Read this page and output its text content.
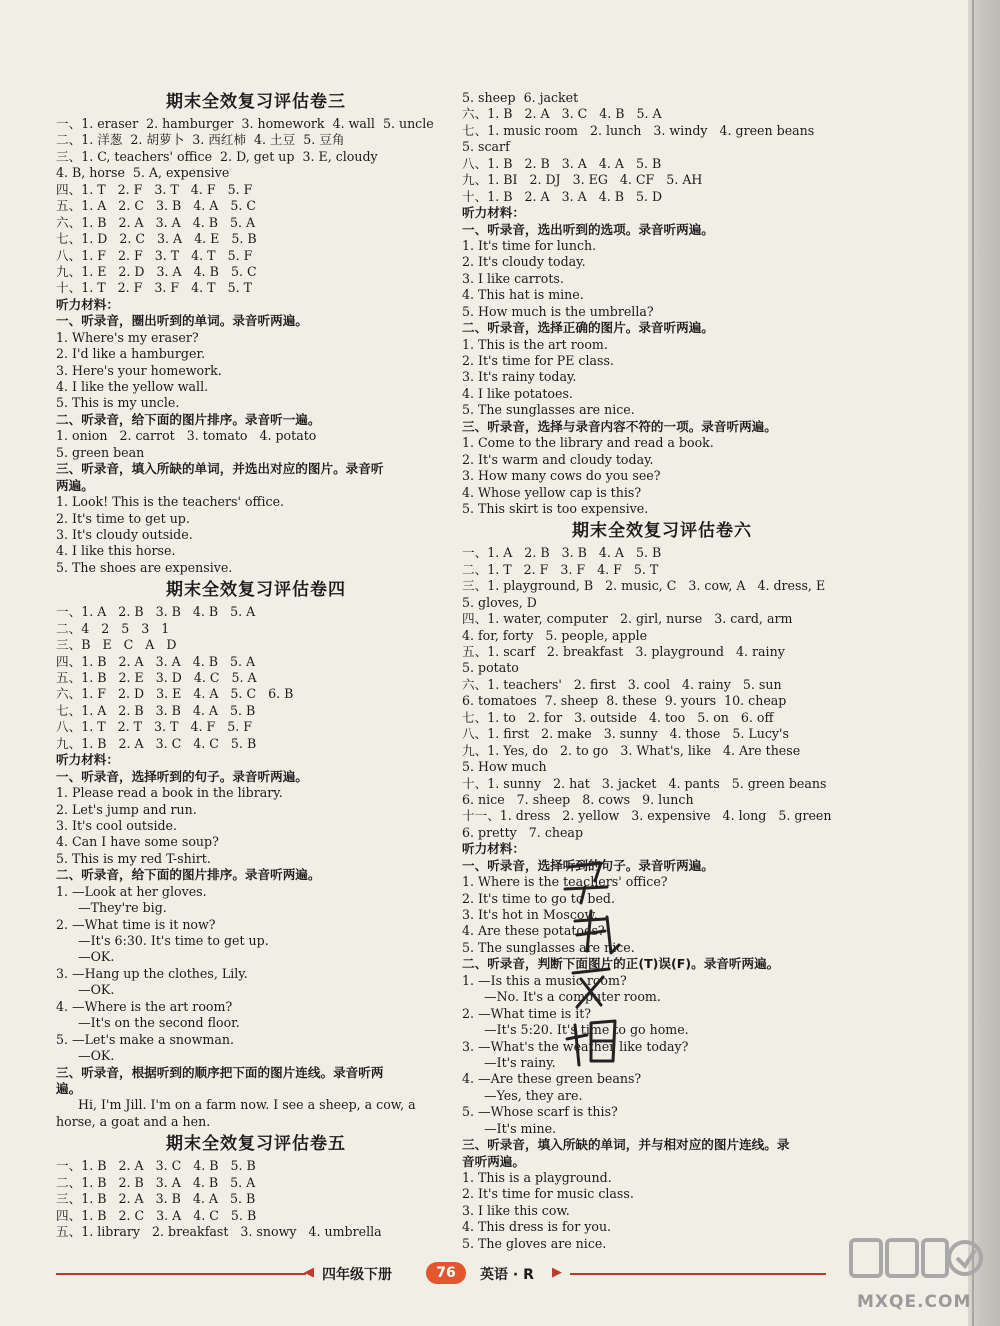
期末全效复习评估卷三
一、1. eraser  2. hamburger  3. homework  4. wall  5. uncle
二、1. 洋葱  2. 胡萝卜  3. 西红柿  4. 土豆  5. 豆角
三、1. C, teachers' office  2. D, get up  3. E, cloudy
4. B, horse  5. A, expensive
四、1. T   2. F   3. T   4. F   5. F
五、1. A   2. C   3. B   4. A   5. C
六、1. B   2. A   3. A   4. B   5. A
七、1. D   2. C   3. A   4. E   5. B
八、1. F   2. F   3. T   4. T   5. F
九、1. E   2. D   3. A   4. B   5. C
十、1. T   2. F   3. F   4. T   5. T
听力材料：
一、听录音，圈出听到的单词。录音听两遍。
1. Where's my eraser?
2. I'd like a hamburger.
3. Here's your homework.
4. I like the yellow wall.
5. This is my uncle.
二、听录音，给下面的图片排序。录音听一遍。
1. onion   2. carrot   3. tomato   4. potato
5. green bean
三、听录音，填入所缺的单词，并选出对应的图片。录音听
两遍。
1. Look! This is the teachers' office.
2. It's time to get up.
3. It's cloudy outside.
4. I like this horse.
5. The shoes are expensive.
期末全效复习评估卷四
一、1. A   2. B   3. B   4. B   5. A
二、4   2   5   3   1
三、B   E   C   A   D
四、1. B   2. A   3. A   4. B   5. A
五、1. B   2. E   3. D   4. C   5. A
六、1. F   2. D   3. E   4. A   5. C   6. B
七、1. A   2. B   3. B   4. A   5. B
八、1. T   2. T   3. T   4. F   5. F
九、1. B   2. A   3. C   4. C   5. B
听力材料：
一、听录音，选择听到的句子。录音听两遍。
1. Please read a book in the library.
2. Let's jump and run.
3. It's cool outside.
4. Can I have some soup?
5. This is my red T-shirt.
二、听录音，给下面的图片排序。录音听两遍。
1. —Look at her gloves.
—They're big.
2. —What time is it now?
—It's 6:30. It's time to get up.
—OK.
3. —Hang up the clothes, Lily.
—OK.
4. —Where is the art room?
—It's on the second floor.
5. —Let's make a snowman.
—OK.
三、听录音，根据听到的顺序把下面的图片连线。录音听两
遍。
Hi, I'm Jill. I'm on a farm now. I see a sheep, a cow, a
horse, a goat and a hen.
期末全效复习评估卷五
一、1. B   2. A   3. C   4. B   5. B
二、1. B   2. B   3. A   4. B   5. A
三、1. B   2. A   3. B   4. A   5. B
四、1. B   2. C   3. A   4. C   5. B
五、1. library   2. breakfast   3. snowy   4. umbrella
5. sheep  6. jacket
六、1. B   2. A   3. C   4. B   5. A
七、1. music room   2. lunch   3. windy   4. green beans
5. scarf
八、1. B   2. B   3. A   4. A   5. B
九、1. BI   2. DJ   3. EG   4. CF   5. AH
十、1. B   2. A   3. A   4. B   5. D
听力材料：
一、听录音，选出听到的选项。录音听两遍。
1. It's time for lunch.
2. It's cloudy today.
3. I like carrots.
4. This hat is mine.
5. How much is the umbrella?
二、听录音，选择正确的图片。录音听两遍。
1. This is the art room.
2. It's time for PE class.
3. It's rainy today.
4. I like potatoes.
5. The sunglasses are nice.
三、听录音，选择与录音内容不符的一项。录音听两遍。
1. Come to the library and read a book.
2. It's warm and cloudy today.
3. How many cows do you see?
4. Whose yellow cap is this?
5. This skirt is too expensive.
期末全效复习评估卷六
一、1. A   2. B   3. B   4. A   5. B
二、1. T   2. F   3. F   4. F   5. T
三、1. playground, B   2. music, C   3. cow, A   4. dress, E
5. gloves, D
四、1. water, computer   2. girl, nurse   3. card, arm
4. for, forty   5. people, apple
五、1. scarf   2. breakfast   3. playground   4. rainy
5. potato
六、1. teachers'   2. first   3. cool   4. rainy   5. sun
6. tomatoes  7. sheep  8. these  9. yours  10. cheap
七、1. to   2. for   3. outside   4. too   5. on   6. off
八、1. first   2. make   3. sunny   4. those   5. Lucy's
九、1. Yes, do   2. to go   3. What's, like   4. Are these
5. How much
十、1. sunny   2. hat   3. jacket   4. pants   5. green beans
6. nice   7. sheep   8. cows   9. lunch
十一、1. dress   2. yellow   3. expensive   4. long   5. green
6. pretty   7. cheap
听力材料：
一、听录音，选择听到的句子。录音听两遍。
1. Where is the teachers' office?
2. It's time to go to bed.
3. It's hot in Moscow.
4. Are these potatoes?
5. The sunglasses are nice.
二、听录音，判断下面图片的正(T)误(F)。录音听两遍。
1. —Is this a music room?
—No. It's a computer room.
2. —What time is it?
—It's 5:20. It's time to go home.
3. —What's the weather like today?
—It's rainy.
4. —Are these green beans?
—Yes, they are.
5. —Whose scarf is this?
—It's mine.
三、听录音，填入所缺的单词，并与相对应的图片连线。录
音听两遍。
1. This is a playground.
2. It's time for music class.
3. I like this cow.
4. This dress is for you.
5. The gloves are nice.
◀ 四年级下册	76	英语 · R ▶
MXQE.COM
